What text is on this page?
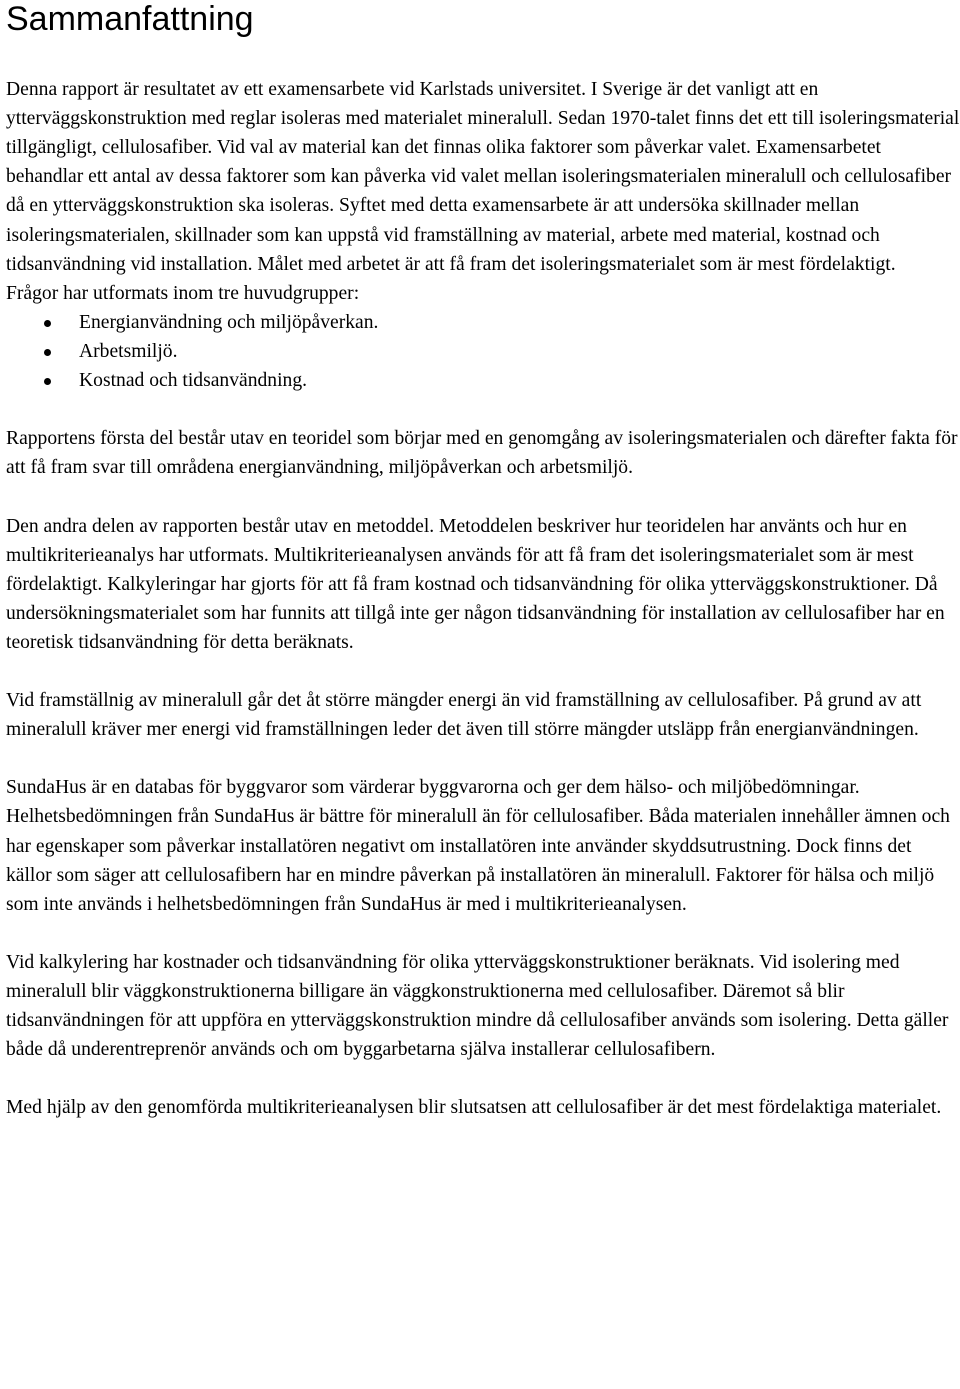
Sammanfattning

Denna rapport är resultatet av ett examensarbete vid Karlstads universitet. I Sverige är det vanligt att en ytterväggskonstruktion med reglar isoleras med materialet mineralull. Sedan 1970-talet finns det ett till isoleringsmaterial tillgängligt, cellulosafiber. Vid val av material kan det finnas olika faktorer som påverkar valet. Examensarbetet behandlar ett antal av dessa faktorer som kan påverka vid valet mellan isoleringsmaterialen mineralull och cellulosafiber då en ytterväggskonstruktion ska isoleras. Syftet med detta examensarbete är att undersöka skillnader mellan isoleringsmaterialen, skillnader som kan uppstå vid framställning av material, arbete med material, kostnad och tidsanvändning vid installation. Målet med arbetet är att få fram det isoleringsmaterialet som är mest fördelaktigt.

Frågor har utformats inom tre huvudgrupper:

Energianvändning och miljöpåverkan.
Arbetsmiljö.
Kostnad och tidsanvändning.

Rapportens första del består utav en teoridel som börjar med en genomgång av isoleringsmaterialen och därefter fakta för att få fram svar till områdena energianvändning, miljöpåverkan och arbetsmiljö.

Den andra delen av rapporten består utav en metoddel. Metoddelen beskriver hur teoridelen har använts och hur en multikriterieanalys har utformats. Multikriterieanalysen används för att få fram det isoleringsmaterialet som är mest fördelaktigt. Kalkyleringar har gjorts för att få fram kostnad och tidsanvändning för olika ytterväggskonstruktioner. Då undersökningsmaterialet som har funnits att tillgå inte ger någon tidsanvändning för installation av cellulosafiber har en teoretisk tidsanvändning för detta beräknats.

Vid framställnig av mineralull går det åt större mängder energi än vid framställning av cellulosafiber. På grund av att mineralull kräver mer energi vid framställningen leder det även till större mängder utsläpp från energianvändningen.

SundaHus är en databas för byggvaror som värderar byggvarorna och ger dem hälso- och miljöbedömningar. Helhetsbedömningen från SundaHus är bättre för mineralull än för cellulosafiber. Båda materialen innehåller ämnen och har egenskaper som påverkar installatören negativt om installatören inte använder skyddsutrustning. Dock finns det källor som säger att cellulosafibern har en mindre påverkan på installatören än mineralull. Faktorer för hälsa och miljö som inte används i helhetsbedömningen från SundaHus är med i multikriterieanalysen.

Vid kalkylering har kostnader och tidsanvändning för olika ytterväggskonstruktioner beräknats. Vid isolering med mineralull blir väggkonstruktionerna billigare än väggkonstruktionerna med cellulosafiber. Däremot så blir tidsanvändningen för att uppföra en ytterväggskonstruktion mindre då cellulosafiber används som isolering. Detta gäller både då underentreprenör används och om byggarbetarna själva installerar cellulosafibern.

Med hjälp av den genomförda multikriterieanalysen blir slutsatsen att cellulosafiber är det mest fördelaktiga materialet.
